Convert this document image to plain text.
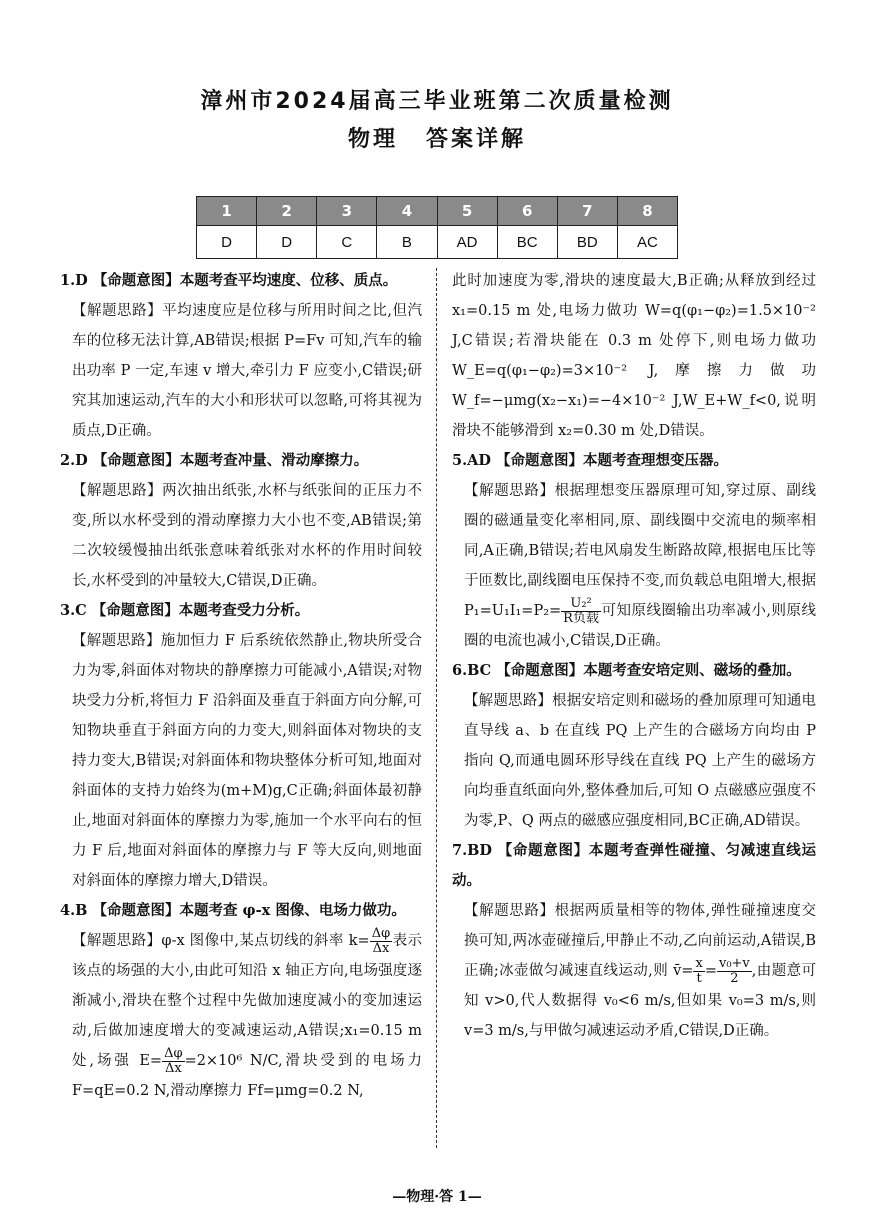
漳州市2024届高三毕业班第二次质量检测
物理 答案详解
1	2	3	4	5	6	7	8
D	D	C	B	AD	BC	BD	AC

1.D 【命题意图】本题考查平均速度、位移、质点。

【解题思路】平均速度应是位移与所用时间之比,但汽车的位移无法计算,AB错误;根据 P=Fv 可知,汽车的输出功率 P 一定,车速 v 增大,牵引力 F 应变小,C错误;研究其加速运动,汽车的大小和形状可以忽略,可将其视为质点,D正确。

2.D 【命题意图】本题考查冲量、滑动摩擦力。

【解题思路】两次抽出纸张,水杯与纸张间的正压力不变,所以水杯受到的滑动摩擦力大小也不变,AB错误;第二次较缓慢抽出纸张意味着纸张对水杯的作用时间较长,水杯受到的冲量较大,C错误,D正确。

3.C 【命题意图】本题考查受力分析。

【解题思路】施加恒力 F 后系统依然静止,物块所受合力为零,斜面体对物块的静摩擦力可能减小,A错误;对物块受力分析,将恒力 F 沿斜面及垂直于斜面方向分解,可知物块垂直于斜面方向的力变大,则斜面体对物块的支持力变大,B错误;对斜面体和物块整体分析可知,地面对斜面体的支持力始终为(m+M)g,C正确;斜面体最初静止,地面对斜面体的摩擦力为零,施加一个水平向右的恒力 F 后,地面对斜面体的摩擦力与 F 等大反向,则地面对斜面体的摩擦力增大,D错误。

4.B 【命题意图】本题考查 φ-x 图像、电场力做功。

【解题思路】φ-x 图像中,某点切线的斜率 $k= \frac{\Delta\varphi}{\Delta x}$ 表示该点的场强的大小,由此可知沿 x 轴正方向,电场强度逐渐减小,滑块在整个过程中先做加速度减小的变加速运动,后做加速度增大的变减速运动,A错误;x₁=0.15 m 处,场强 $E= \frac{\Delta\varphi}{\Delta x} =2\times 10^6$ N/C,滑块受到的电场力 F=qE=0.2 N,滑动摩擦力 Ff=μmg=0.2 N,

此时加速度为零,滑块的速度最大,B正确;从释放到经过 x₁=0.15 m 处,电场力做功 W=q(φ₁−φ₂)=1.5×10⁻² J,C错误;若滑块能在 0.3 m 处停下,则电场力做功 W_E=q(φ₁−φ₂)=3×10⁻² J,摩擦力做功 W_f=−μmg(x₂−x₁)=−4×10⁻² J,W_E+W_f<0,说明滑块不能够滑到 x₂=0.30 m 处,D错误。

5.AD 【命题意图】本题考查理想变压器。

【解题思路】根据理想变压器原理可知,穿过原、副线圈的磁通量变化率相同,原、副线圈中交流电的频率相同,A正确,B错误;若电风扇发生断路故障,根据电压比等于匝数比,副线圈电压保持不变,而负载总电阻增大,根据 $P_1=U_1I_1=P_2= \frac{\text{U₂²}}{\text{R负载}}$ 可知原线圈输出功率减小,则原线圈的电流也减小,C错误,D正确。

6.BC 【命题意图】本题考查安培定则、磁场的叠加。

【解题思路】根据安培定则和磁场的叠加原理可知通电直导线 a、b 在直线 PQ 上产生的合磁场方向均由 P 指向 Q,而通电圆环形导线在直线 PQ 上产生的磁场方向均垂直纸面向外,整体叠加后,可知 O 点磁感应强度不为零,P、Q 两点的磁感应强度相同,BC正确,AD错误。

7.BD 【命题意图】本题考查弹性碰撞、匀减速直线运动。

【解题思路】根据两质量相等的物体,弹性碰撞速度交换可知,两冰壶碰撞后,甲静止不动,乙向前运动,A错误,B正确;冰壶做匀减速直线运动,则 v̄= $\frac{x}{t} = \frac{\text{v₀+v}}{2}$ ,由题意可知 v>0,代人数据得 v₀<6 m/s,但如果 v₀=3 m/s,则 v=3 m/s,与甲做匀减速运动矛盾,C错误,D正确。

—物理·答 1—
